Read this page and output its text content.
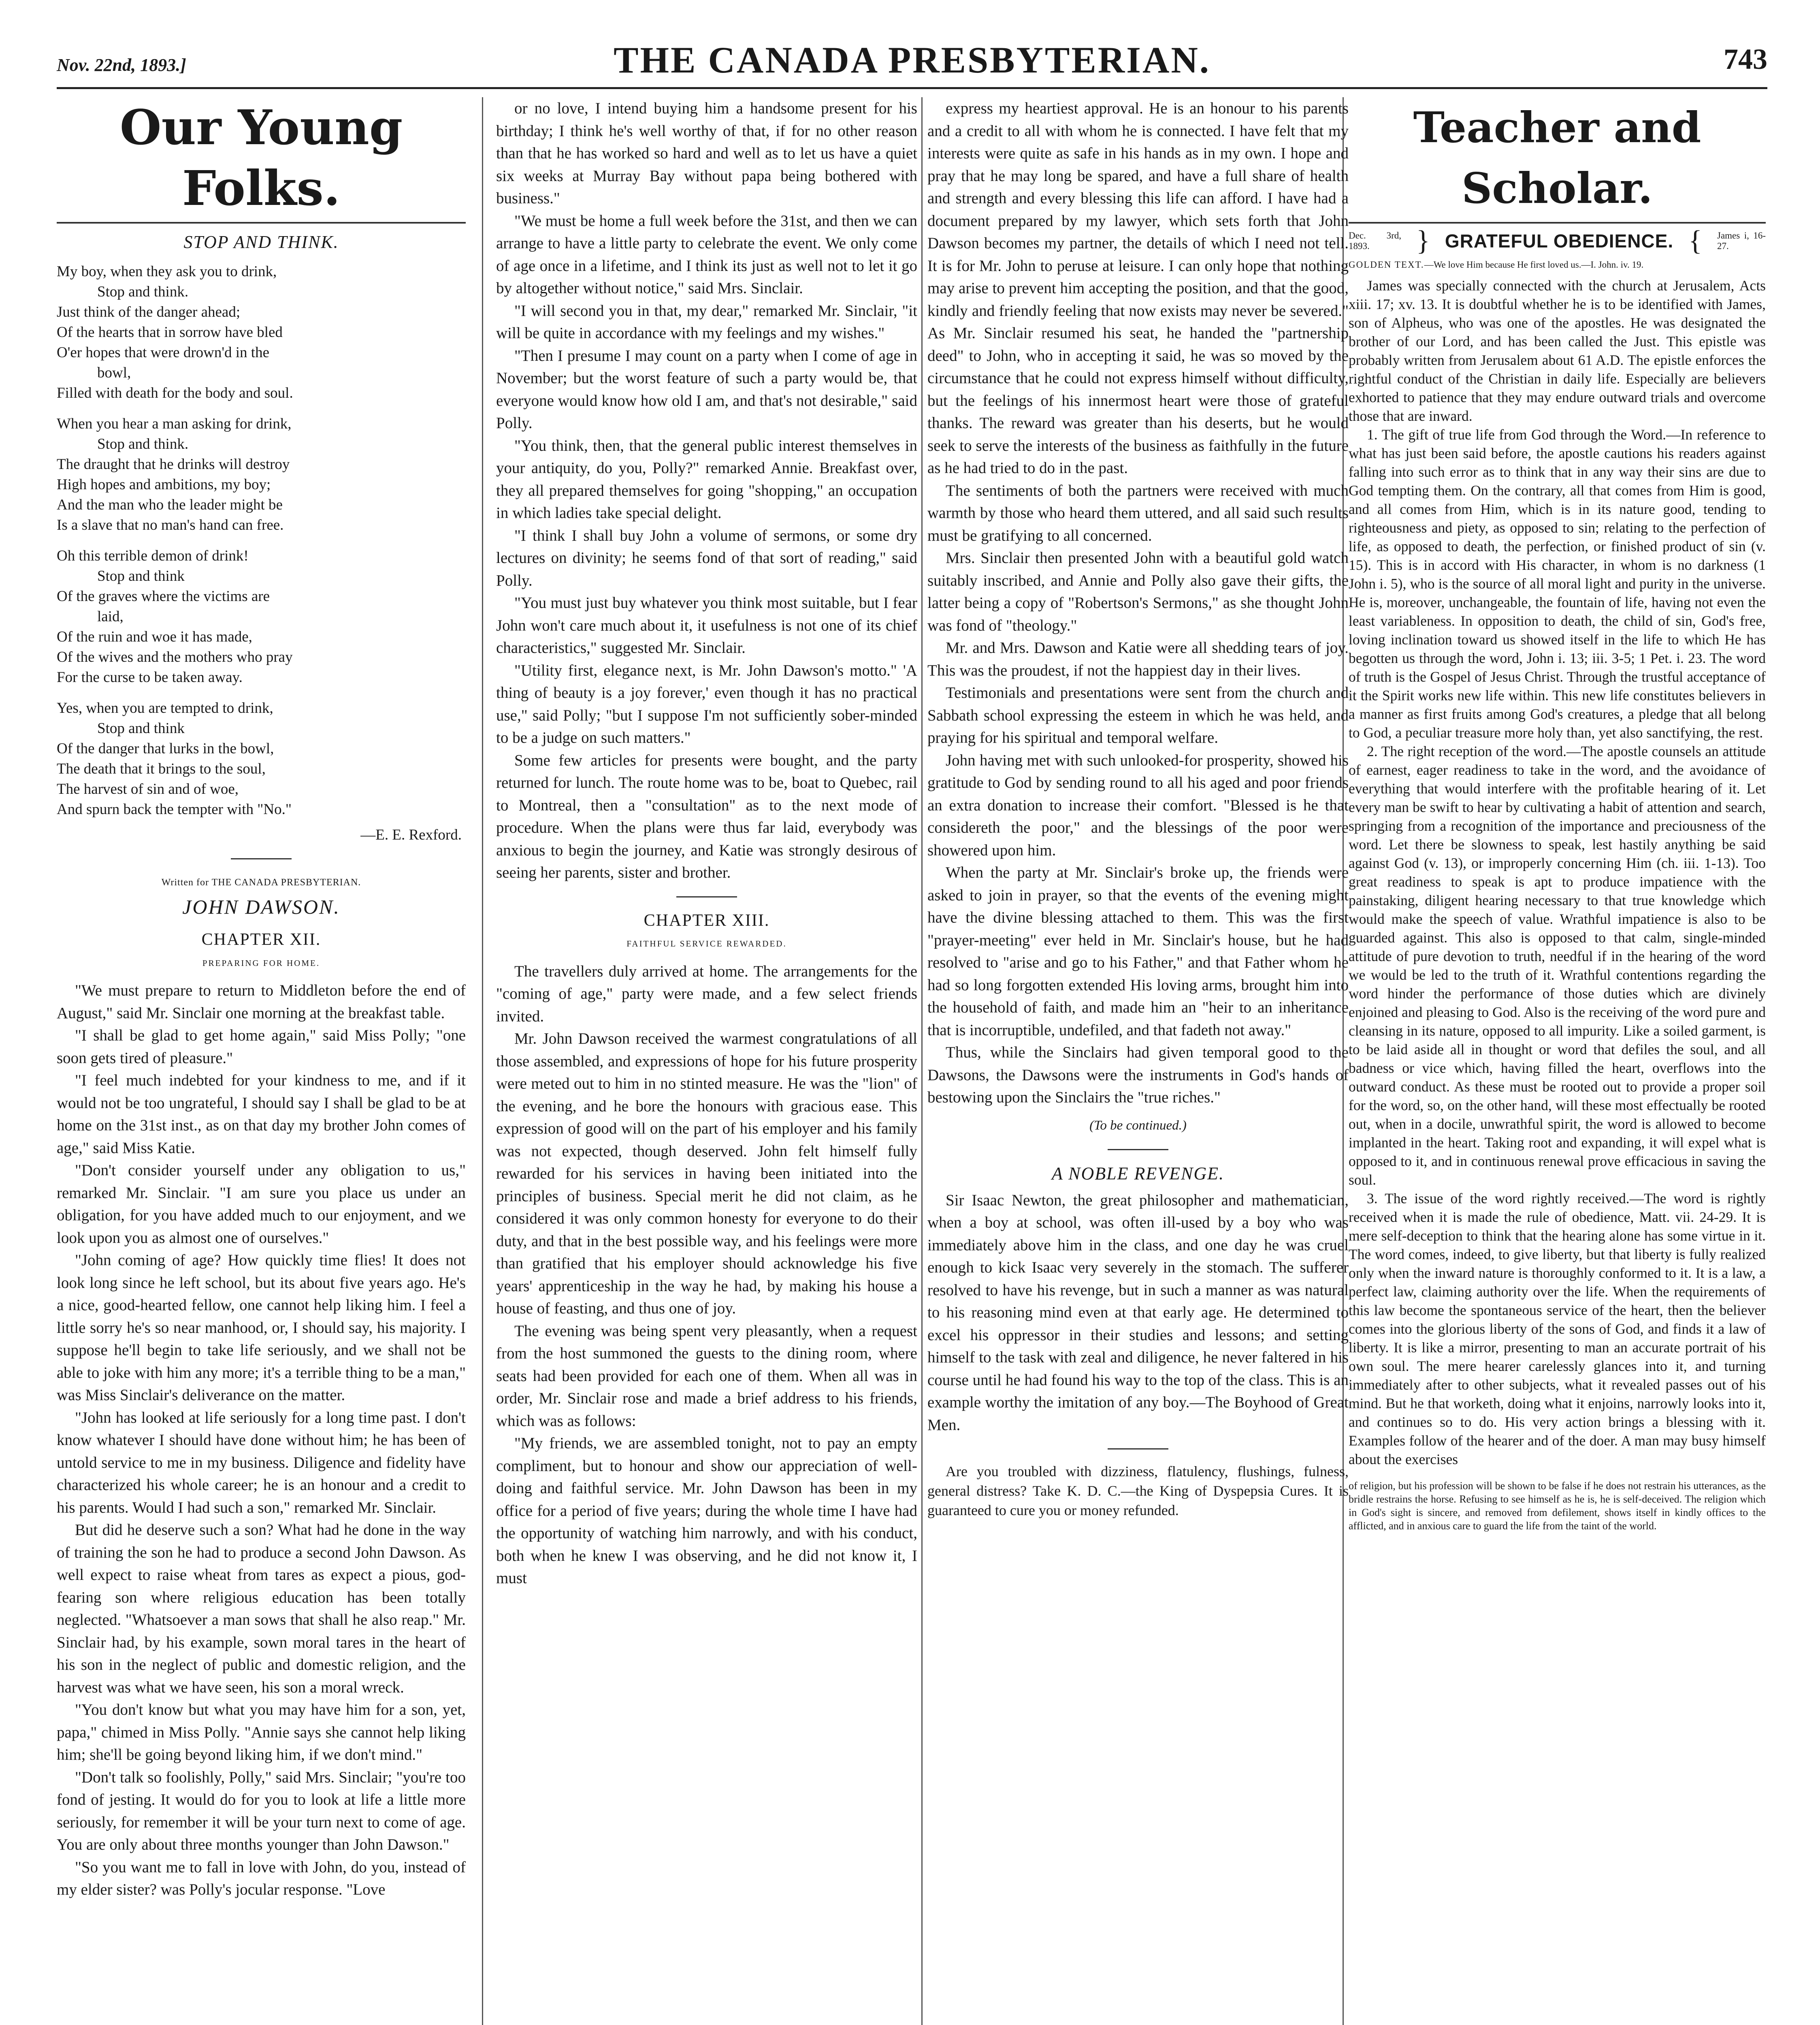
Nov. 22nd, 1893.]	THE CANADA PRESBYTERIAN.	743
Our Young Folks.
STOP AND THINK.

My boy, when they ask you to drink,

Stop and think.

Just think of the danger ahead;

Of the hearts that in sorrow have bled

O'er hopes that were drown'd in the

bowl,

Filled with death for the body and soul.

When you hear a man asking for drink,

Stop and think.

The draught that he drinks will destroy

High hopes and ambitions, my boy;

And the man who the leader might be

Is a slave that no man's hand can free.

Oh this terrible demon of drink!

Stop and think

Of the graves where the victims are

laid,

Of the ruin and woe it has made,

Of the wives and the mothers who pray

For the curse to be taken away.

Yes, when you are tempted to drink,

Stop and think

Of the danger that lurks in the bowl,

The death that it brings to the soul,

The harvest of sin and of woe,

And spurn back the tempter with "No."

—E. E. Rexford.
Written for THE CANADA PRESBYTERIAN.
JOHN DAWSON.
CHAPTER XII.
PREPARING FOR HOME.

"We must prepare to return to Middleton before the end of August," said Mr. Sinclair one morning at the breakfast table.

"I shall be glad to get home again," said Miss Polly; "one soon gets tired of pleasure."

"I feel much indebted for your kindness to me, and if it would not be too ungrateful, I should say I shall be glad to be at home on the 31st inst., as on that day my brother John comes of age," said Miss Katie.

"Don't consider yourself under any obligation to us," remarked Mr. Sinclair. "I am sure you place us under an obligation, for you have added much to our enjoyment, and we look upon you as almost one of ourselves."

"John coming of age? How quickly time flies! It does not look long since he left school, but its about five years ago. He's a nice, good-hearted fellow, one cannot help liking him. I feel a little sorry he's so near manhood, or, I should say, his majority. I suppose he'll begin to take life seriously, and we shall not be able to joke with him any more; it's a terrible thing to be a man," was Miss Sinclair's deliverance on the matter.

"John has looked at life seriously for a long time past. I don't know whatever I should have done without him; he has been of untold service to me in my business. Diligence and fidelity have characterized his whole career; he is an honour and a credit to his parents. Would I had such a son," remarked Mr. Sinclair.

But did he deserve such a son? What had he done in the way of training the son he had to produce a second John Dawson. As well expect to raise wheat from tares as expect a pious, god-fearing son where religious education has been totally neglected. "Whatsoever a man sows that shall he also reap." Mr. Sinclair had, by his example, sown moral tares in the heart of his son in the neglect of public and domestic religion, and the harvest was what we have seen, his son a moral wreck.

"You don't know but what you may have him for a son, yet, papa," chimed in Miss Polly. "Annie says she cannot help liking him; she'll be going beyond liking him, if we don't mind."

"Don't talk so foolishly, Polly," said Mrs. Sinclair; "you're too fond of jesting. It would do for you to look at life a little more seriously, for remember it will be your turn next to come of age. You are only about three months younger than John Dawson."

"So you want me to fall in love with John, do you, instead of my elder sister? was Polly's jocular response. "Love

or no love, I intend buying him a handsome present for his birthday; I think he's well worthy of that, if for no other reason than that he has worked so hard and well as to let us have a quiet six weeks at Murray Bay without papa being bothered with business."

"We must be home a full week before the 31st, and then we can arrange to have a little party to celebrate the event. We only come of age once in a lifetime, and I think its just as well not to let it go by altogether without notice," said Mrs. Sinclair.

"I will second you in that, my dear," remarked Mr. Sinclair, "it will be quite in accordance with my feelings and my wishes."

"Then I presume I may count on a party when I come of age in November; but the worst feature of such a party would be, that everyone would know how old I am, and that's not desirable," said Polly.

"You think, then, that the general public interest themselves in your antiquity, do you, Polly?" remarked Annie. Breakfast over, they all prepared themselves for going "shopping," an occupation in which ladies take special delight.

"I think I shall buy John a volume of sermons, or some dry lectures on divinity; he seems fond of that sort of reading," said Polly.

"You must just buy whatever you think most suitable, but I fear John won't care much about it, it usefulness is not one of its chief characteristics," suggested Mr. Sinclair.

"Utility first, elegance next, is Mr. John Dawson's motto." 'A thing of beauty is a joy forever,' even though it has no practical use," said Polly; "but I suppose I'm not sufficiently sober-minded to be a judge on such matters."

Some few articles for presents were bought, and the party returned for lunch. The route home was to be, boat to Quebec, rail to Montreal, then a "consultation" as to the next mode of procedure. When the plans were thus far laid, everybody was anxious to begin the journey, and Katie was strongly desirous of seeing her parents, sister and brother.

CHAPTER XIII.
FAITHFUL SERVICE REWARDED.

The travellers duly arrived at home. The arrangements for the "coming of age," party were made, and a few select friends invited.

Mr. John Dawson received the warmest congratulations of all those assembled, and expressions of hope for his future prosperity were meted out to him in no stinted measure. He was the "lion" of the evening, and he bore the honours with gracious ease. This expression of good will on the part of his employer and his family was not expected, though deserved. John felt himself fully rewarded for his services in having been initiated into the principles of business. Special merit he did not claim, as he considered it was only common honesty for everyone to do their duty, and that in the best possible way, and his feelings were more than gratified that his employer should acknowledge his five years' apprenticeship in the way he had, by making his house a house of feasting, and thus one of joy.

The evening was being spent very pleasantly, when a request from the host summoned the guests to the dining room, where seats had been provided for each one of them. When all was in order, Mr. Sinclair rose and made a brief address to his friends, which was as follows:

"My friends, we are assembled tonight, not to pay an empty compliment, but to honour and show our appreciation of well-doing and faithful service. Mr. John Dawson has been in my office for a period of five years; during the whole time I have had the opportunity of watching him narrowly, and with his conduct, both when he knew I was observing, and he did not know it, I must

express my heartiest approval. He is an honour to his parents and a credit to all with whom he is connected. I have felt that my interests were quite as safe in his hands as in my own. I hope and pray that he may long be spared, and have a full share of health and strength and every blessing this life can afford. I have had a document prepared by my lawyer, which sets forth that John Dawson becomes my partner, the details of which I need not tell. It is for Mr. John to peruse at leisure. I can only hope that nothing may arise to prevent him accepting the position, and that the good, kindly and friendly feeling that now exists may never be severed." As Mr. Sinclair resumed his seat, he handed the "partnership deed" to John, who in accepting it said, he was so moved by the circumstance that he could not express himself without difficulty, but the feelings of his innermost heart were those of grateful thanks. The reward was greater than his deserts, but he would seek to serve the interests of the business as faithfully in the future as he had tried to do in the past.

The sentiments of both the partners were received with much warmth by those who heard them uttered, and all said such results must be gratifying to all concerned.

Mrs. Sinclair then presented John with a beautiful gold watch suitably inscribed, and Annie and Polly also gave their gifts, the latter being a copy of "Robertson's Sermons," as she thought John was fond of "theology."

Mr. and Mrs. Dawson and Katie were all shedding tears of joy. This was the proudest, if not the happiest day in their lives.

Testimonials and presentations were sent from the church and Sabbath school expressing the esteem in which he was held, and praying for his spiritual and temporal welfare.

John having met with such unlooked-for prosperity, showed his gratitude to God by sending round to all his aged and poor friends an extra donation to increase their comfort. "Blessed is he that considereth the poor," and the blessings of the poor were showered upon him.

When the party at Mr. Sinclair's broke up, the friends were asked to join in prayer, so that the events of the evening might have the divine blessing attached to them. This was the first "prayer-meeting" ever held in Mr. Sinclair's house, but he had resolved to "arise and go to his Father," and that Father whom he had so long forgotten extended His loving arms, brought him into the household of faith, and made him an "heir to an inheritance that is incorruptible, undefiled, and that fadeth not away."

Thus, while the Sinclairs had given temporal good to the Dawsons, the Dawsons were the instruments in God's hands of bestowing upon the Sinclairs the "true riches."

(To be continued.)
A NOBLE REVENGE.

Sir Isaac Newton, the great philosopher and mathematician, when a boy at school, was often ill-used by a boy who was immediately above him in the class, and one day he was cruel enough to kick Isaac very severely in the stomach. The sufferer resolved to have his revenge, but in such a manner as was natural to his reasoning mind even at that early age. He determined to excel his oppressor in their studies and lessons; and setting himself to the task with zeal and diligence, he never faltered in his course until he had found his way to the top of the class. This is an example worthy the imitation of any boy.—The Boyhood of Great Men.

Are you troubled with dizziness, flatulency, flushings, fulness, general distress? Take K. D. C.—the King of Dyspepsia Cures. It is guaranteed to cure you or money refunded.

Teacher and Scholar.
Dec. 3rd, 1893.	} GRATEFUL OBEDIENCE. { James i, 16-27.

GOLDEN TEXT.—We love Him because He first loved us.—I. John. iv. 19.

James was specially connected with the church at Jerusalem, Acts xiii. 17; xv. 13. It is doubtful whether he is to be identified with James, son of Alpheus, who was one of the apostles. He was designated the brother of our Lord, and has been called the Just. This epistle was probably written from Jerusalem about 61 A.D. The epistle enforces the rightful conduct of the Christian in daily life. Especially are believers exhorted to patience that they may endure outward trials and overcome those that are inward.

1. The gift of true life from God through the Word.—In reference to what has just been said before, the apostle cautions his readers against falling into such error as to think that in any way their sins are due to God tempting them. On the contrary, all that comes from Him is good, and all comes from Him, which is in its nature good, tending to righteousness and piety, as opposed to sin; relating to the perfection of life, as opposed to death, the perfection, or finished product of sin (v. 15). This is in accord with His character, in whom is no darkness (1 John i. 5), who is the source of all moral light and purity in the universe. He is, moreover, unchangeable, the fountain of life, having not even the least variableness. In opposition to death, the child of sin, God's free, loving inclination toward us showed itself in the life to which He has begotten us through the word, John i. 13; iii. 3-5; 1 Pet. i. 23. The word of truth is the Gospel of Jesus Christ. Through the trustful acceptance of it the Spirit works new life within. This new life constitutes believers in a manner as first fruits among God's creatures, a pledge that all belong to God, a peculiar treasure more holy than, yet also sanctifying, the rest.

2. The right reception of the word.—The apostle counsels an attitude of earnest, eager readiness to take in the word, and the avoidance of everything that would interfere with the profitable hearing of it. Let every man be swift to hear by cultivating a habit of attention and search, springing from a recognition of the importance and preciousness of the word. Let there be slowness to speak, lest hastily anything be said against God (v. 13), or improperly concerning Him (ch. iii. 1-13). Too great readiness to speak is apt to produce impatience with the painstaking, diligent hearing necessary to that true knowledge which would make the speech of value. Wrathful impatience is also to be guarded against. This also is opposed to that calm, single-minded attitude of pure devotion to truth, needful if in the hearing of the word we would be led to the truth of it. Wrathful contentions regarding the word hinder the performance of those duties which are divinely enjoined and pleasing to God. Also is the receiving of the word pure and cleansing in its nature, opposed to all impurity. Like a soiled garment, is to be laid aside all in thought or word that defiles the soul, and all badness or vice which, having filled the heart, overflows into the outward conduct. As these must be rooted out to provide a proper soil for the word, so, on the other hand, will these most effectually be rooted out, when in a docile, unwrathful spirit, the word is allowed to become implanted in the heart. Taking root and expanding, it will expel what is opposed to it, and in continuous renewal prove efficacious in saving the soul.

3. The issue of the word rightly received.—The word is rightly received when it is made the rule of obedience, Matt. vii. 24-29. It is mere self-deception to think that the hearing alone has some virtue in it. The word comes, indeed, to give liberty, but that liberty is fully realized only when the inward nature is thoroughly conformed to it. It is a law, a perfect law, claiming authority over the life. When the requirements of this law become the spontaneous service of the heart, then the believer comes into the glorious liberty of the sons of God, and finds it a law of liberty. It is like a mirror, presenting to man an accurate portrait of his own soul. The mere hearer carelessly glances into it, and turning immediately after to other subjects, what it revealed passes out of his mind. But he that worketh, doing what it enjoins, narrowly looks into it, and continues so to do. His very action brings a blessing with it. Examples follow of the hearer and of the doer. A man may busy himself about the exercises

of religion, but his profession will be shown to be false if he does not restrain his utterances, as the bridle restrains the horse. Refusing to see himself as he is, he is self-deceived. The religion which in God's sight is sincere, and removed from defilement, shows itself in kindly offices to the afflicted, and in anxious care to guard the life from the taint of the world.
